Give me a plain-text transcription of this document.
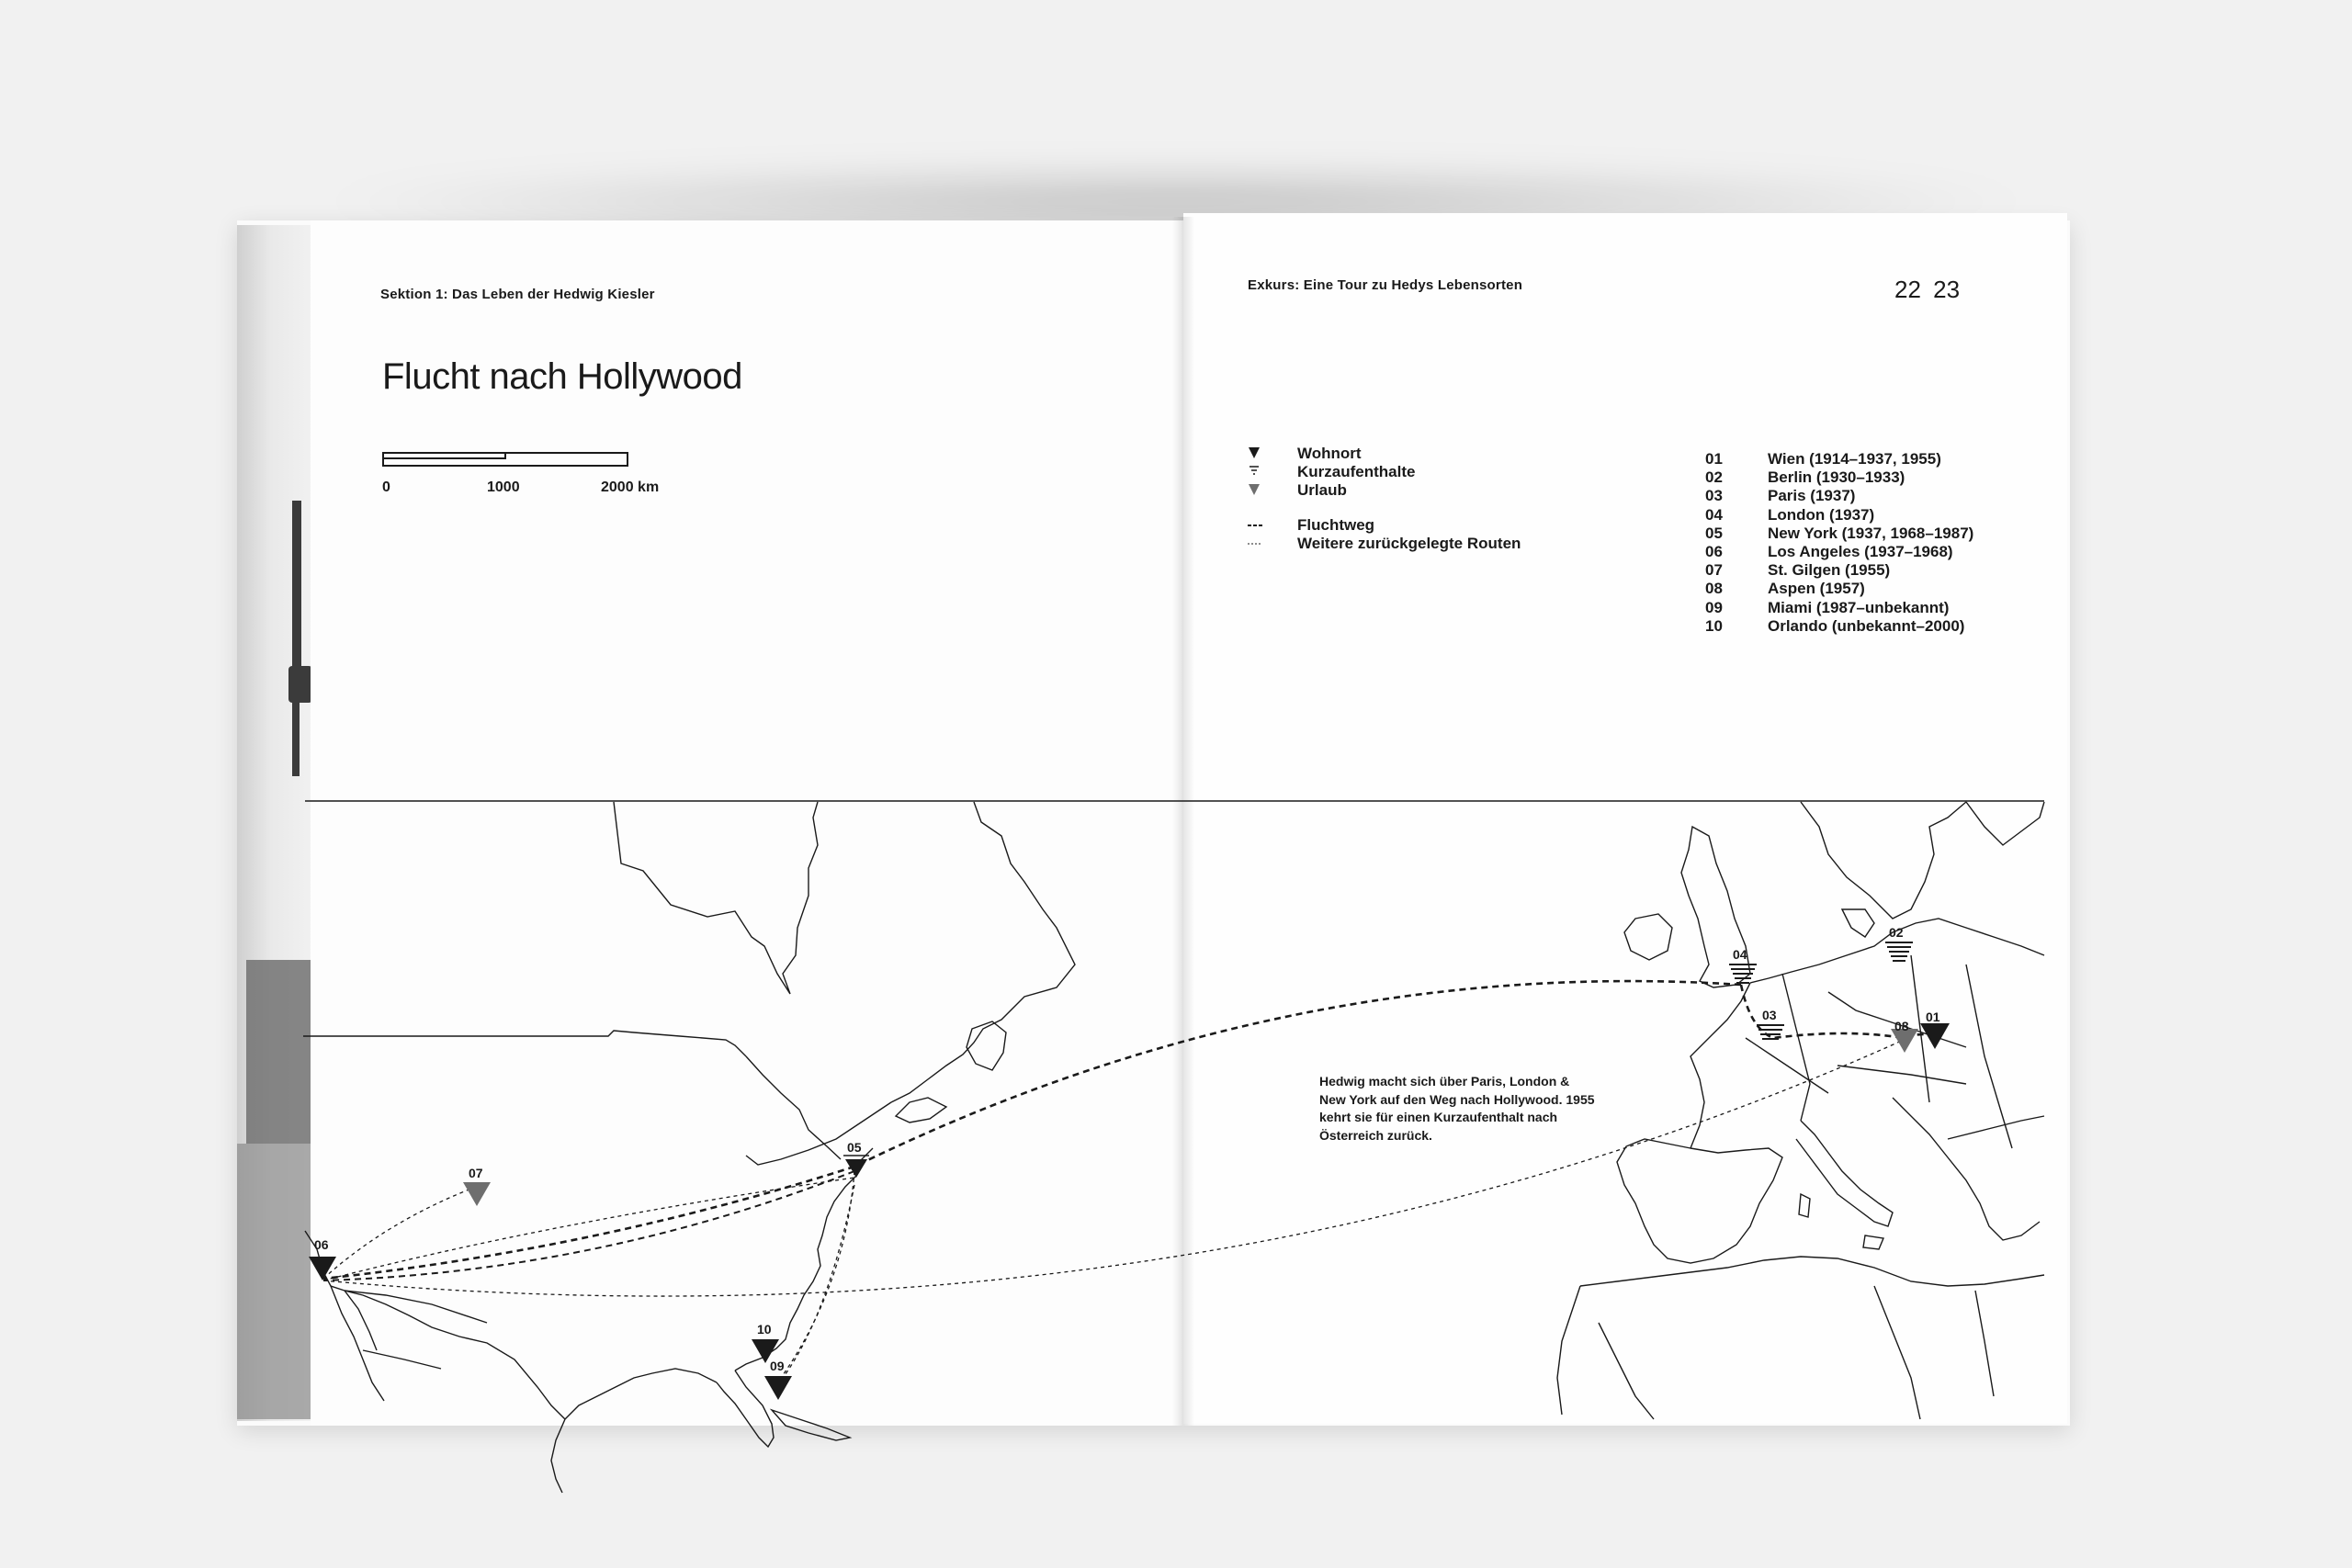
Sektion 1: Das Leben der Hedwig Kiesler
Exkurs: Eine Tour zu Hedys Lebensorten	22 23
Flucht nach Hollywood
0	1000	2000 km
Wohnort
Kurzaufenthalte
Urlaub
Fluchtweg
Weitere zurückgelegte Routen
01	Wien (1914–1937, 1955)
02	Berlin (1930–1933)
03	Paris (1937)
04	London (1937)
05	New York (1937, 1968–1987)
06	Los Angeles (1937–1968)
07	St. Gilgen (1955)
08	Aspen (1957)
09	Miami (1987–unbekannt)
10	Orlando (unbekannt–2000)
06
07
05
10
09
04
02
03
08
01
Hedwig macht sich über Paris, London & New York auf den Weg nach Hollywood. 1955 kehrt sie für einen Kurzaufenthalt nach Österreich zurück.
